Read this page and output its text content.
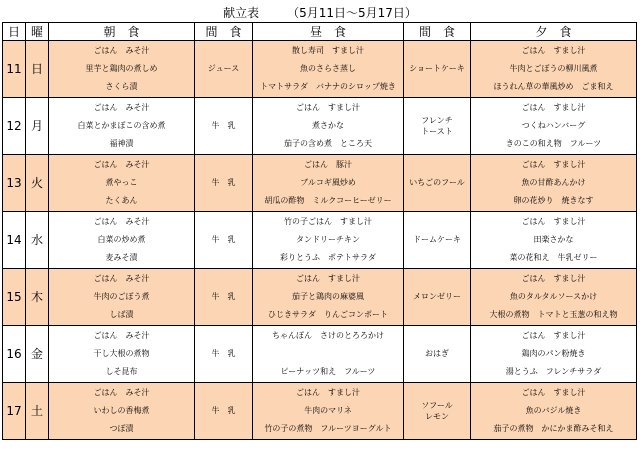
献立表 （5月11日～5月17日）
日	曜	朝　食	間　食	昼　食	間　食	夕　食
11	日	ごはん　みそ汁
里芋と鶏肉の煮しめ
さくら漬	ジュース	散し寿司　すまし汁
魚のさらさ蒸し
トマトサラダ　バナナのシロップ焼き	ショートケーキ	ごはん　すまし汁
牛肉とごぼうの柳川風煮
ほうれん草の華風炒め　ごま和え

12	月	ごはん　みそ汁
白菜とかまぼこの含め煮
福神漬	牛　乳	ごはん　すまし汁
煮さかな
茄子の含め煮　ところ天	フレンチ
トースト	ごはん　すまし汁
つくねハンバーグ
きのこの和え物　フルーツ

13	火	ごはん　みそ汁
煮やっこ
たくあん	牛　乳	ごはん　豚汁
ブルコギ風炒め
胡瓜の酢物　ミルクコーヒーゼリー	いちごのフール	ごはん　すまし汁
魚の甘酢あんかけ
卵の花炒り　焼きなす

14	水	ごはん　みそ汁
白菜の炒め煮
麦みそ漬	牛　乳	竹の子ごはん　すまし汁
タンドリーチキン
彩りとうふ　ポテトサラダ	ドームケーキ	ごはん　すまし汁
田楽さかな
菜の花和え　牛乳ゼリー

15	木	ごはん　みそ汁
牛肉のごぼう煮
しば漬	牛　乳	ごはん　すまし汁
茄子と鶏肉の麻婆風
ひじきサラダ　りんごコンポート	メロンゼリー	ごはん　すまし汁
魚のタルタルソースかけ
大根の煮物　トマトと玉葱の和え物

16	金	ごはん　みそ汁
干し大根の煮物
しそ昆布	牛　乳	ちゃんぽん　さけのとろろかけ
ピーナッツ和え　フルーツ	おはぎ	ごはん　すまし汁
鶏肉のパン粉焼き
湯とうふ　フレンチサラダ

17	土	ごはん　みそ汁
いわしの香梅煮
つぼ漬	牛　乳	ごはん　すまし汁
牛肉のマリネ
竹の子の煮物　フルーツヨーグルト	ソフール
レモン	ごはん　すまし汁
魚のバジル焼き
茄子の煮物　かにかま酢みそ和え
